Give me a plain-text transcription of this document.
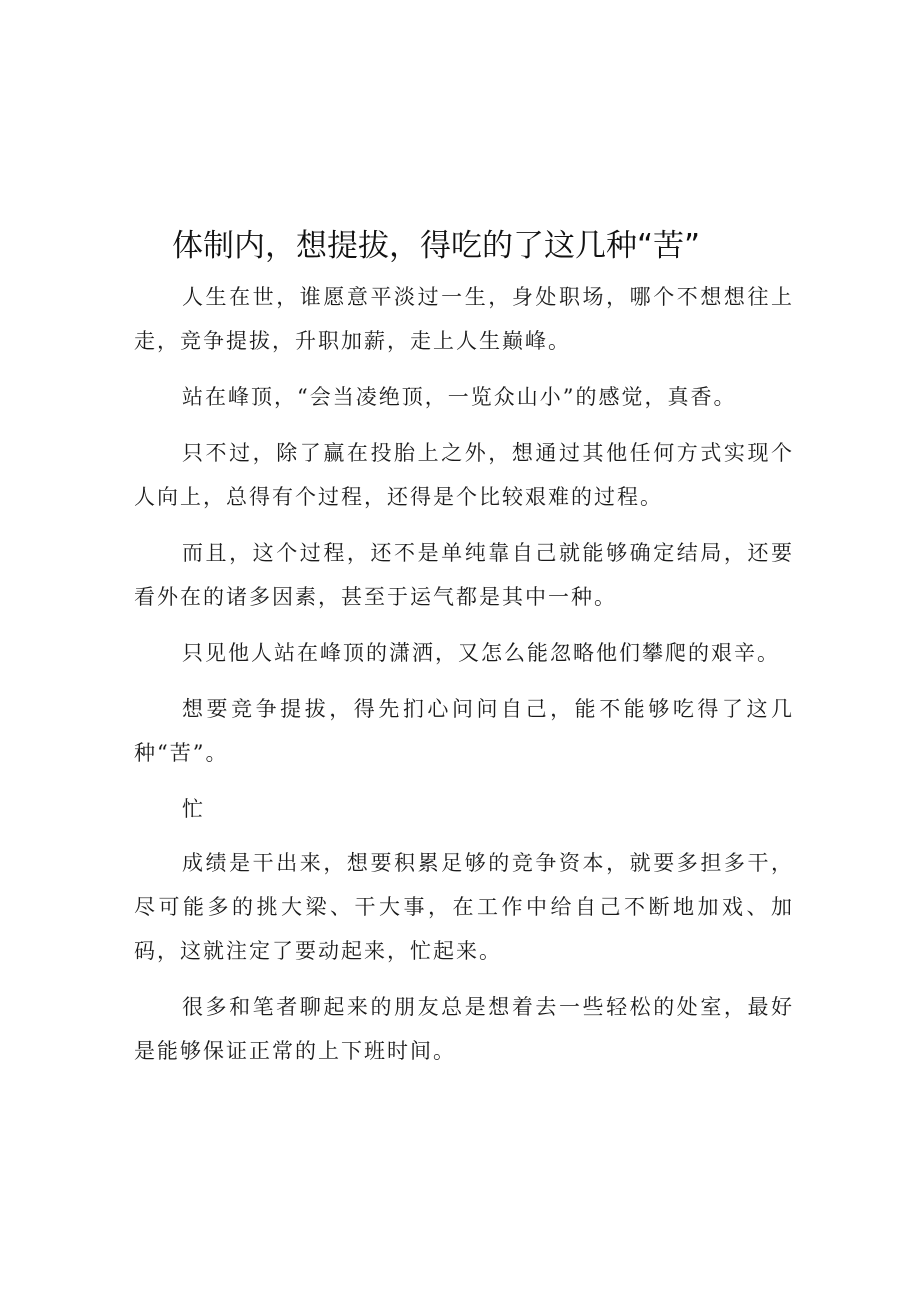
体制内，想提拔，得吃的了这几种“苦”

人生在世，谁愿意平淡过一生，身处职场，哪个不想想往上走，竞争提拔，升职加薪，走上人生巅峰。

站在峰顶，“会当凌绝顶，一览众山小”的感觉，真香。

只不过，除了赢在投胎上之外，想通过其他任何方式实现个人向上，总得有个过程，还得是个比较艰难的过程。

而且，这个过程，还不是单纯靠自己就能够确定结局，还要看外在的诸多因素，甚至于运气都是其中一种。

只见他人站在峰顶的潇洒，又怎么能忽略他们攀爬的艰辛。

想要竞争提拔，得先扪心问问自己，能不能够吃得了这几种“苦”。

忙

成绩是干出来，想要积累足够的竞争资本，就要多担多干，尽可能多的挑大梁、干大事，在工作中给自己不断地加戏、加码，这就注定了要动起来，忙起来。

很多和笔者聊起来的朋友总是想着去一些轻松的处室，最好是能够保证正常的上下班时间。
